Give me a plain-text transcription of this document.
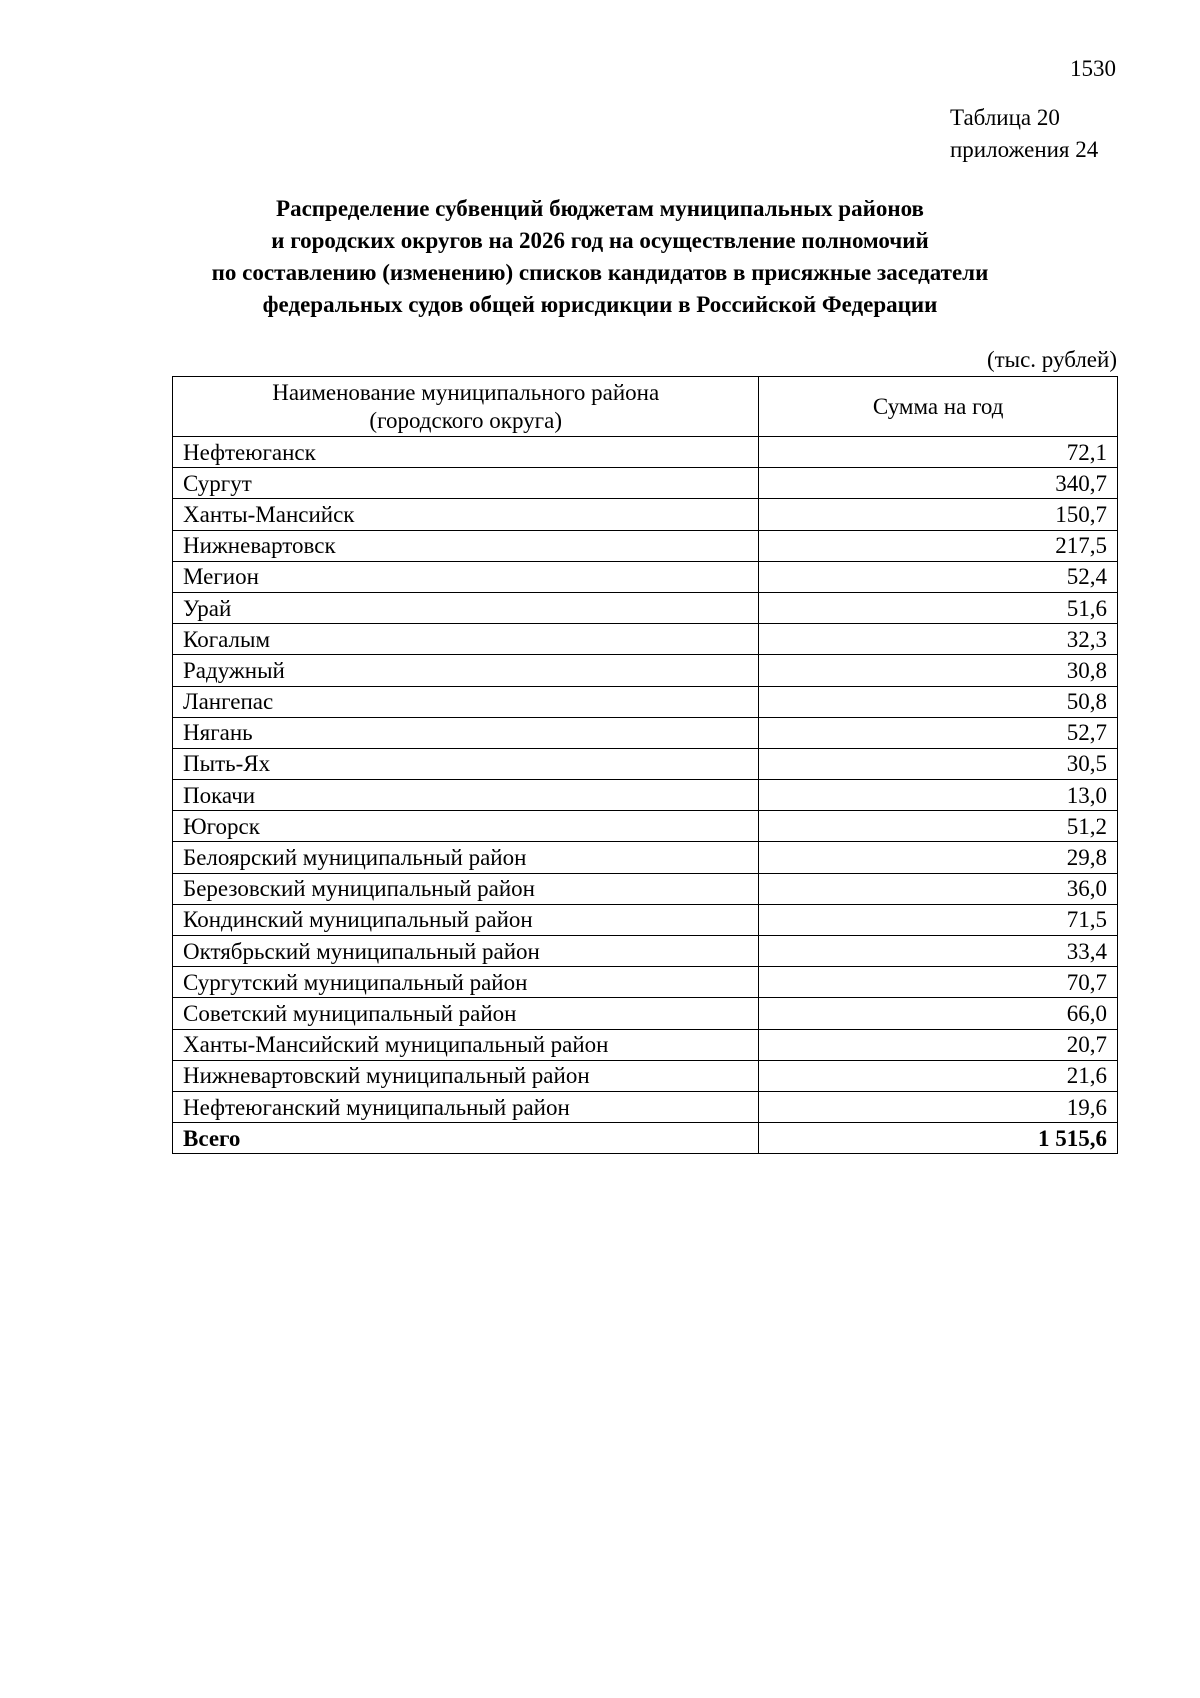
1530
Таблица 20
приложения 24
Распределение субвенций бюджетам муниципальных районов
и городских округов на 2026 год на осуществление полномочий
по составлению (изменению) списков кандидатов в присяжные заседатели
федеральных судов общей юрисдикции в Российской Федерации
(тыс. рублей)
Наименование муниципального района
(городского округа)	Сумма на год
Нефтеюганск	72,1
Сургут	340,7
Ханты-Мансийск	150,7
Нижневартовск	217,5
Мегион	52,4
Урай	51,6
Когалым	32,3
Радужный	30,8
Лангепас	50,8
Нягань	52,7
Пыть-Ях	30,5
Покачи	13,0
Югорск	51,2
Белоярский муниципальный район	29,8
Березовский муниципальный район	36,0
Кондинский муниципальный район	71,5
Октябрьский муниципальный район	33,4
Сургутский муниципальный район	70,7
Советский муниципальный район	66,0
Ханты-Мансийский муниципальный район	20,7
Нижневартовский муниципальный район	21,6
Нефтеюганский муниципальный район	19,6
Всего	1 515,6
